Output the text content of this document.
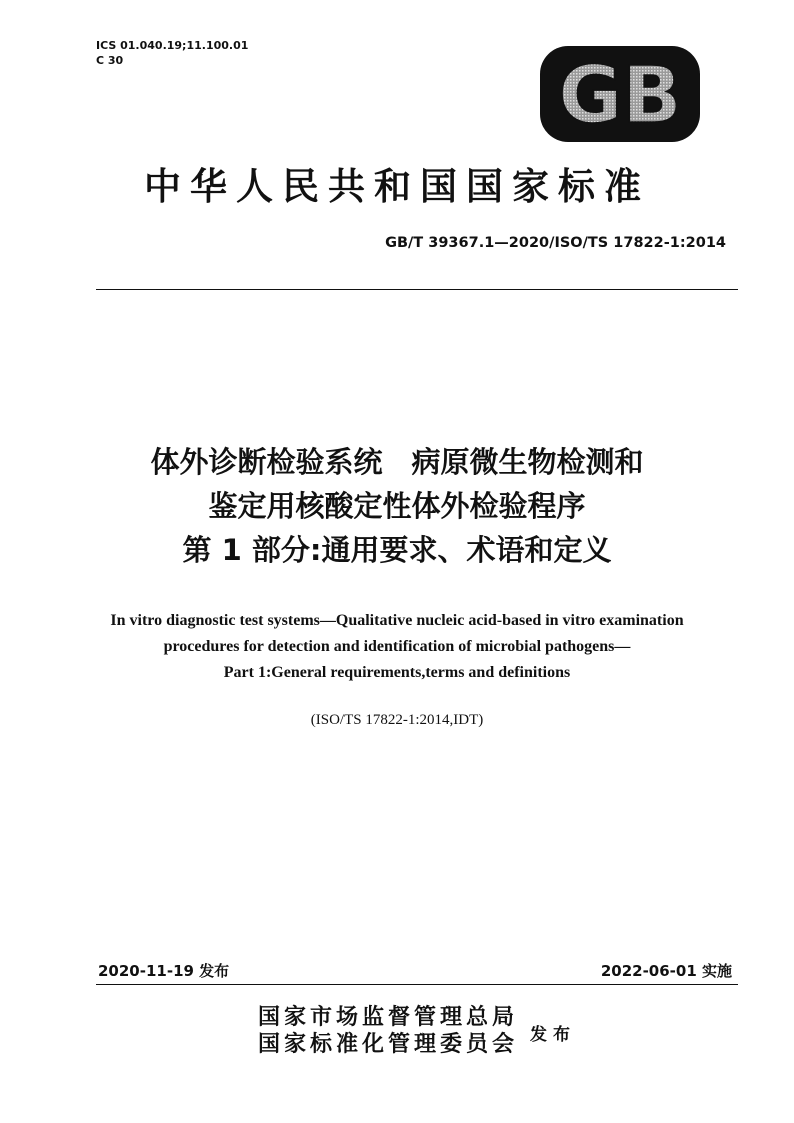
ICS 01.040.19;11.100.01
C 30	GB
中华人民共和国国家标准
GB/T 39367.1—2020/ISO/TS 17822-1:2014
体外诊断检验系统　病原微生物检测和
鉴定用核酸定性体外检验程序
第 1 部分:通用要求、术语和定义
In vitro diagnostic test systems—Qualitative nucleic acid-based in vitro examination
procedures for detection and identification of microbial pathogens—
Part 1:General requirements,terms and definitions
(ISO/TS 17822-1:2014,IDT)
2020-11-19 发布	2022-06-01 实施
国家市场监督管理总局
国家标准化管理委员会 发布
